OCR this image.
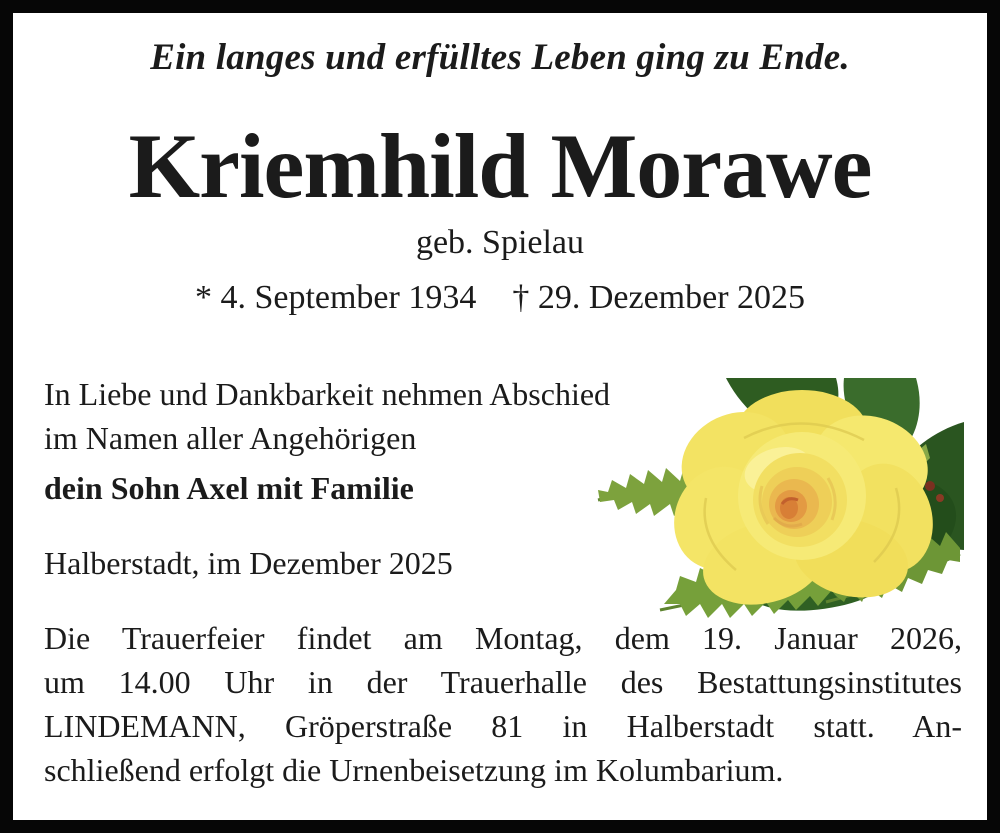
Ein langes und erfülltes Leben ging zu Ende.
Kriemhild Morawe
geb. Spielau
* 4. September 1934 † 29. Dezember 2025
In Liebe und Dankbarkeit nehmen Abschied
im Namen aller Angehörigen
dein Sohn Axel mit Familie
Halberstadt, im Dezember 2025
Die Trauerfeier findet am Montag, dem 19. Januar 2026,
um 14.00 Uhr in der Trauerhalle des Bestattungsinstitutes
LINDEMANN, Gröperstraße 81 in Halberstadt statt. An-
schließend erfolgt die Urnenbeisetzung im Kolumbarium.
